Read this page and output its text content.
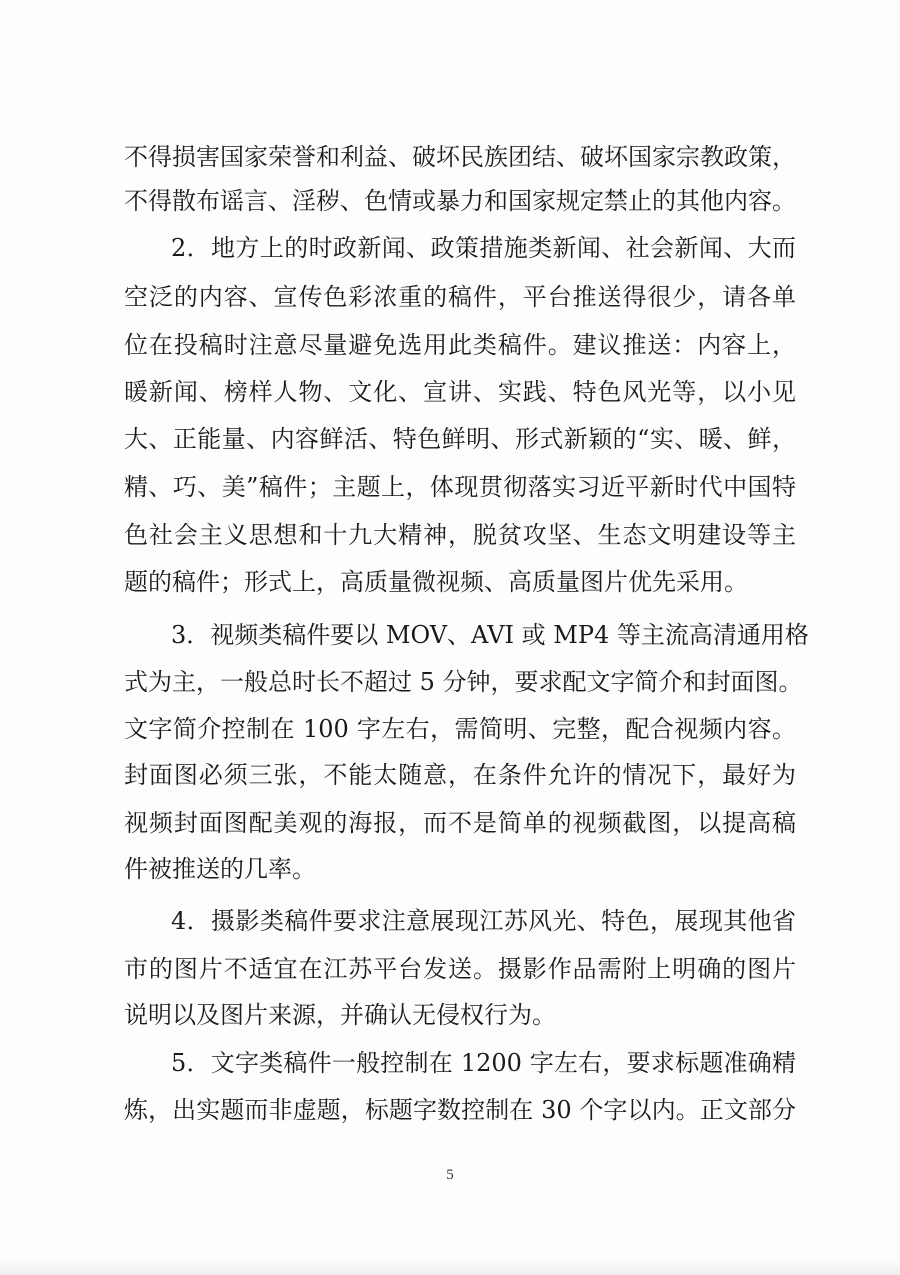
不得损害国家荣誉和利益、破坏民族团结、破坏国家宗教政策，
不得散布谣言、淫秽、色情或暴力和国家规定禁止的其他内容。
2．地方上的时政新闻、政策措施类新闻、社会新闻、大而
空泛的内容、宣传色彩浓重的稿件，平台推送得很少，请各单
位在投稿时注意尽量避免选用此类稿件。建议推送：内容上，
暖新闻、榜样人物、文化、宣讲、实践、特色风光等，以小见
大、正能量、内容鲜活、特色鲜明、形式新颖的“实、暖、鲜，
精、巧、美”稿件；主题上，体现贯彻落实习近平新时代中国特
色社会主义思想和十九大精神，脱贫攻坚、生态文明建设等主
题的稿件；形式上，高质量微视频、高质量图片优先采用。
3．视频类稿件要以 MOV、AVI 或 MP4 等主流高清通用格
式为主，一般总时长不超过 5 分钟，要求配文字简介和封面图。
文字简介控制在 100 字左右，需简明、完整，配合视频内容。
封面图必须三张，不能太随意，在条件允许的情况下，最好为
视频封面图配美观的海报，而不是简单的视频截图，以提高稿
件被推送的几率。
4．摄影类稿件要求注意展现江苏风光、特色，展现其他省
市的图片不适宜在江苏平台发送。摄影作品需附上明确的图片
说明以及图片来源，并确认无侵权行为。
5．文字类稿件一般控制在 1200 字左右，要求标题准确精
炼，出实题而非虚题，标题字数控制在 30 个字以内。正文部分
5
